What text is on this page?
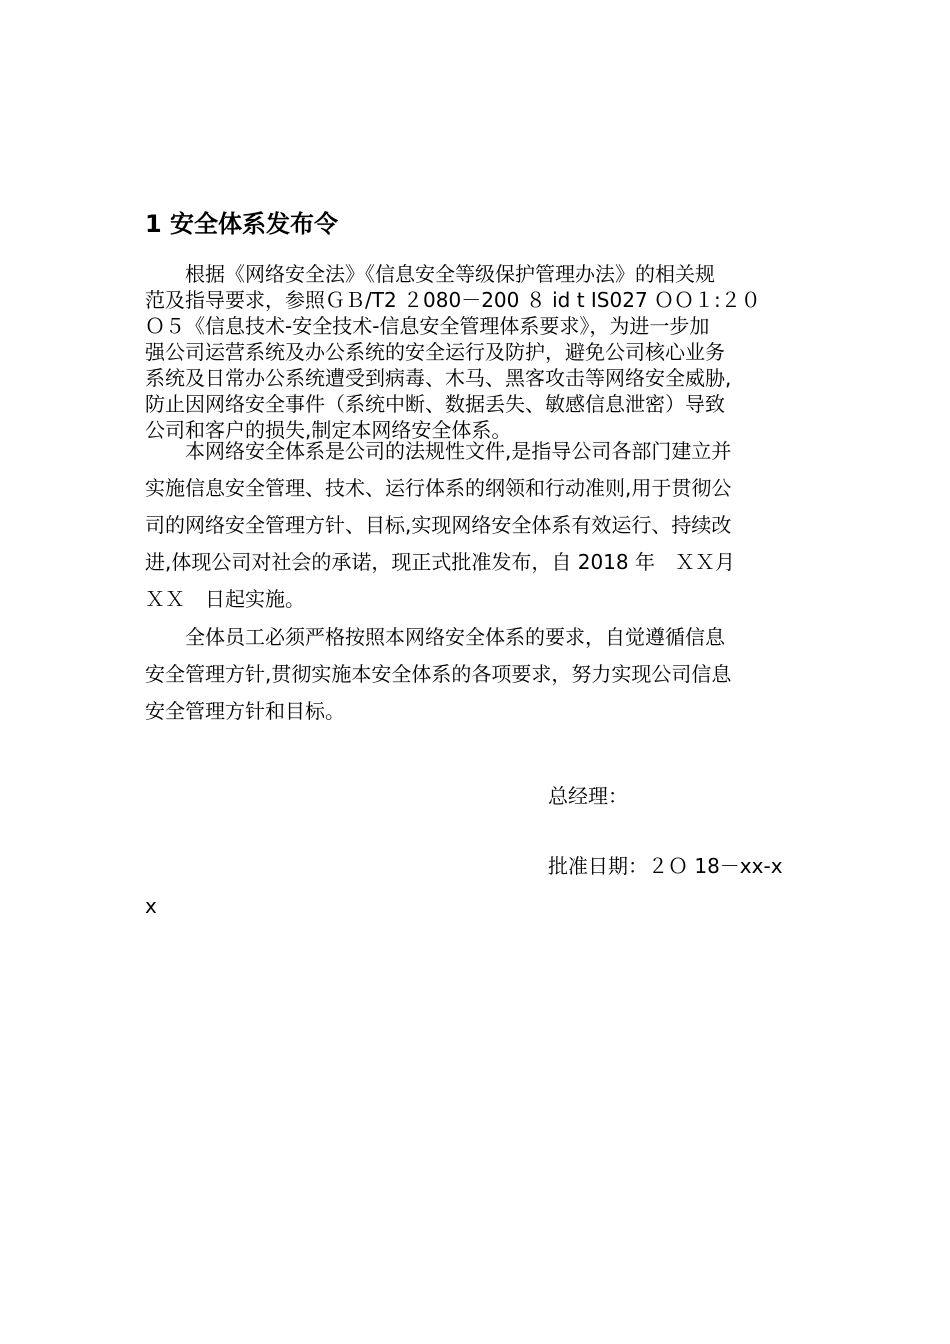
1 安全体系发布令
　　根据《网络安全法》《信息安全等级保护管理办法》的相关规
范及指导要求，参照ＧＢ/T2 ２080－200 ８ id t IS027 ＯＯ１:２０
Ｏ５《信息技术-安全技术-信息安全管理体系要求》，为进一步加
强公司运营系统及办公系统的安全运行及防护，避免公司核心业务
系统及日常办公系统遭受到病毒、木马、黑客攻击等网络安全威胁,
防止因网络安全事件（系统中断、数据丢失、敏感信息泄密）导致
公司和客户的损失,制定本网络安全体系。
　　本网络安全体系是公司的法规性文件,是指导公司各部门建立并
实施信息安全管理、技术、运行体系的纲领和行动准则,用于贯彻公
司的网络安全管理方针、目标,实现网络安全体系有效运行、持续改
进,体现公司对社会的承诺，现正式批准发布，自 2018 年　ＸＸ月
ＸＸ　日起实施。
　　全体员工必须严格按照本网络安全体系的要求，自觉遵循信息
安全管理方针,贯彻实施本安全体系的各项要求，努力实现公司信息
安全管理方针和目标。
总经理：
批准日期：２Ｏ 18－xx-x
x
